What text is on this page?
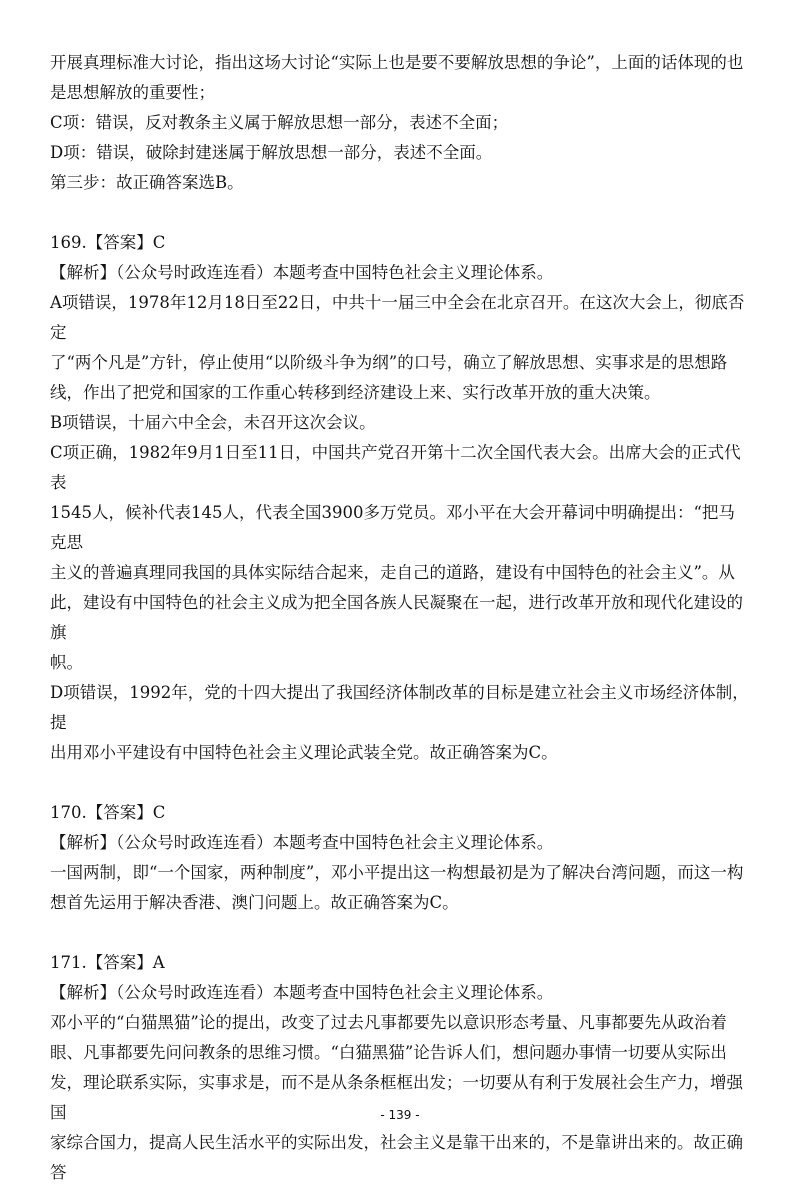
开展真理标准大讨论，指出这场大讨论“实际上也是要不要解放思想的争论”，上面的话体现的也

是思想解放的重要性；

C项：错误，反对教条主义属于解放思想一部分，表述不全面；

D项：错误，破除封建迷属于解放思想一部分，表述不全面。

第三步：故正确答案选B。

169.【答案】C

【解析】（公众号时政连连看）本题考查中国特色社会主义理论体系。

A项错误，1978年12月18日至22日，中共十一届三中全会在北京召开。在这次大会上，彻底否定

了“两个凡是”方针，停止使用“以阶级斗争为纲”的口号，确立了解放思想、实事求是的思想路

线，作出了把党和国家的工作重心转移到经济建设上来、实行改革开放的重大决策。

B项错误，十届六中全会，未召开这次会议。

C项正确，1982年9月1日至11日，中国共产党召开第十二次全国代表大会。出席大会的正式代表

1545人，候补代表145人，代表全国3900多万党员。邓小平在大会开幕词中明确提出：“把马克思

主义的普遍真理同我国的具体实际结合起来，走自己的道路，建设有中国特色的社会主义”。从

此，建设有中国特色的社会主义成为把全国各族人民凝聚在一起，进行改革开放和现代化建设的旗

帜。

D项错误，1992年，党的十四大提出了我国经济体制改革的目标是建立社会主义市场经济体制，提

出用邓小平建设有中国特色社会主义理论武装全党。故正确答案为C。

170.【答案】C

【解析】（公众号时政连连看）本题考查中国特色社会主义理论体系。

一国两制，即“一个国家，两种制度”，邓小平提出这一构想最初是为了解决台湾问题，而这一构

想首先运用于解决香港、澳门问题上。故正确答案为C。

171.【答案】A

【解析】（公众号时政连连看）本题考查中国特色社会主义理论体系。

邓小平的“白猫黑猫”论的提出，改变了过去凡事都要先以意识形态考量、凡事都要先从政治着

眼、凡事都要先问问教条的思维习惯。“白猫黑猫”论告诉人们，想问题办事情一切要从实际出

发，理论联系实际，实事求是，而不是从条条框框出发；一切要从有利于发展社会生产力，增强国

家综合国力，提高人民生活水平的实际出发，社会主义是靠干出来的，不是靠讲出来的。故正确答

- 139 -
